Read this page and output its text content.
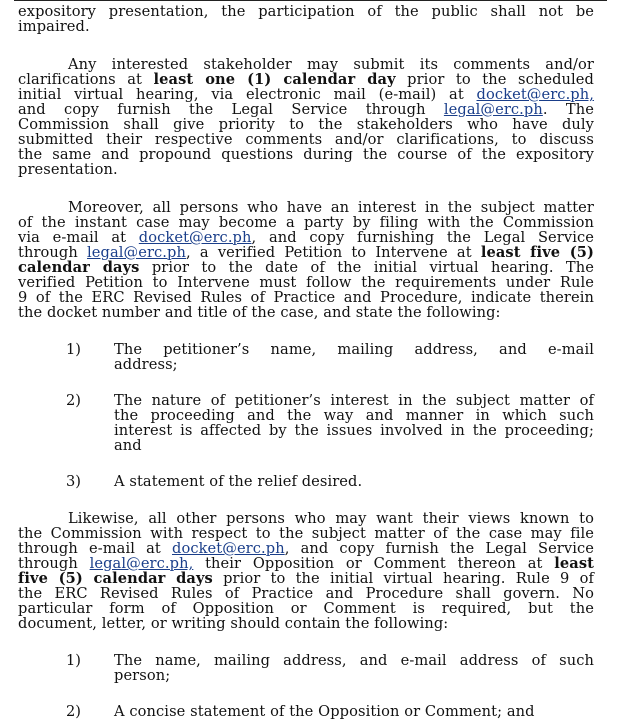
expository presentation, the participation of the public shall not be
impaired.
Any interested stakeholder may submit its comments and/or
clarifications at least one (1) calendar day prior to the scheduled
initial virtual hearing, via electronic mail (e-mail) at docket@erc.ph,
and copy furnish the Legal Service through legal@erc.ph. The
Commission shall give priority to the stakeholders who have duly
submitted their respective comments and/or clarifications, to discuss
the same and propound questions during the course of the expository
presentation.
Moreover, all persons who have an interest in the subject matter
of the instant case may become a party by filing with the Commission
via e-mail at docket@erc.ph, and copy furnishing the Legal Service
through legal@erc.ph, a verified Petition to Intervene at least five (5)
calendar days prior to the date of the initial virtual hearing. The
verified Petition to Intervene must follow the requirements under Rule
9 of the ERC Revised Rules of Practice and Procedure, indicate therein
the docket number and title of the case, and state the following:
1) The petitioner’s name, mailing address, and e-mail
address;
2) The nature of petitioner’s interest in the subject matter of
the proceeding and the way and manner in which such
interest is affected by the issues involved in the proceeding;
and
3) A statement of the relief desired.
Likewise, all other persons who may want their views known to
the Commission with respect to the subject matter of the case may file
through e-mail at docket@erc.ph, and copy furnish the Legal Service
through legal@erc.ph, their Opposition or Comment thereon at least
five (5) calendar days prior to the initial virtual hearing. Rule 9 of
the ERC Revised Rules of Practice and Procedure shall govern. No
particular form of Opposition or Comment is required, but the
document, letter, or writing should contain the following:
1) The name, mailing address, and e-mail address of such
person;
2) A concise statement of the Opposition or Comment; and
